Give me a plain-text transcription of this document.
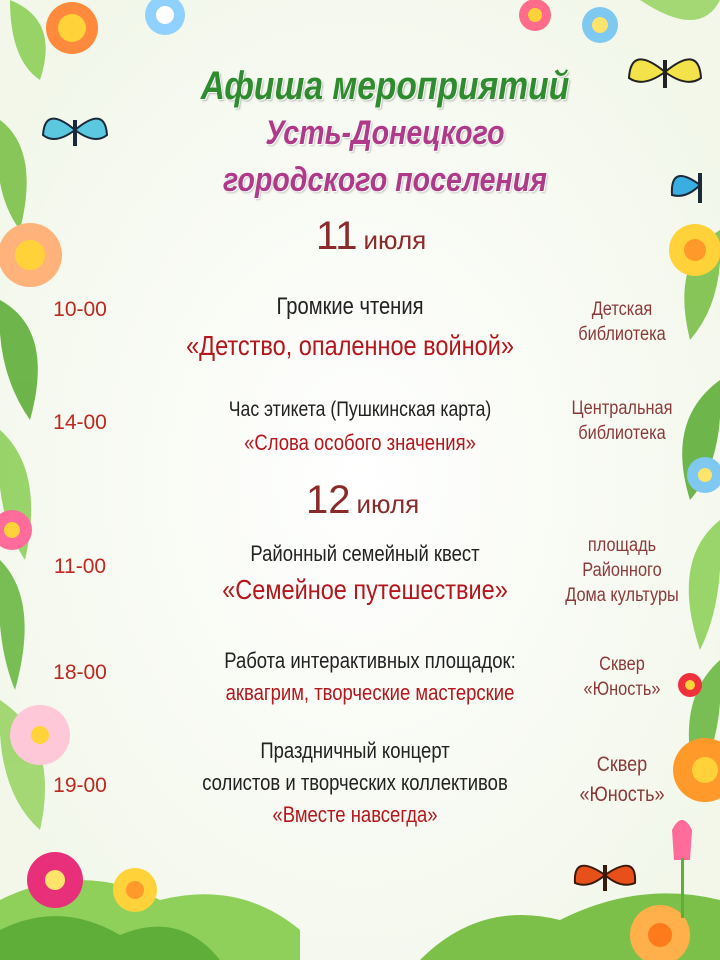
Афиша мероприятий
Усть-Донецкого
городского поселения
11 июля
10-00	Громкие чтения
«Детство, опаленное войной»
Детская
библиотека
14-00
Час этикета (Пушкинская карта)
«Слова особого значения»
Центральная
библиотека
12 июля
11-00
Районный семейный квест
«Семейное путешествие»
площадь
Районного
Дома культуры
18-00	Работа интерактивных площадок:
аквагрим, творческие мастерские
Сквер
«Юность»
19-00
Праздничный концерт
солистов и творческих коллективов
«Вместе навсегда»
Сквер
«Юность»
